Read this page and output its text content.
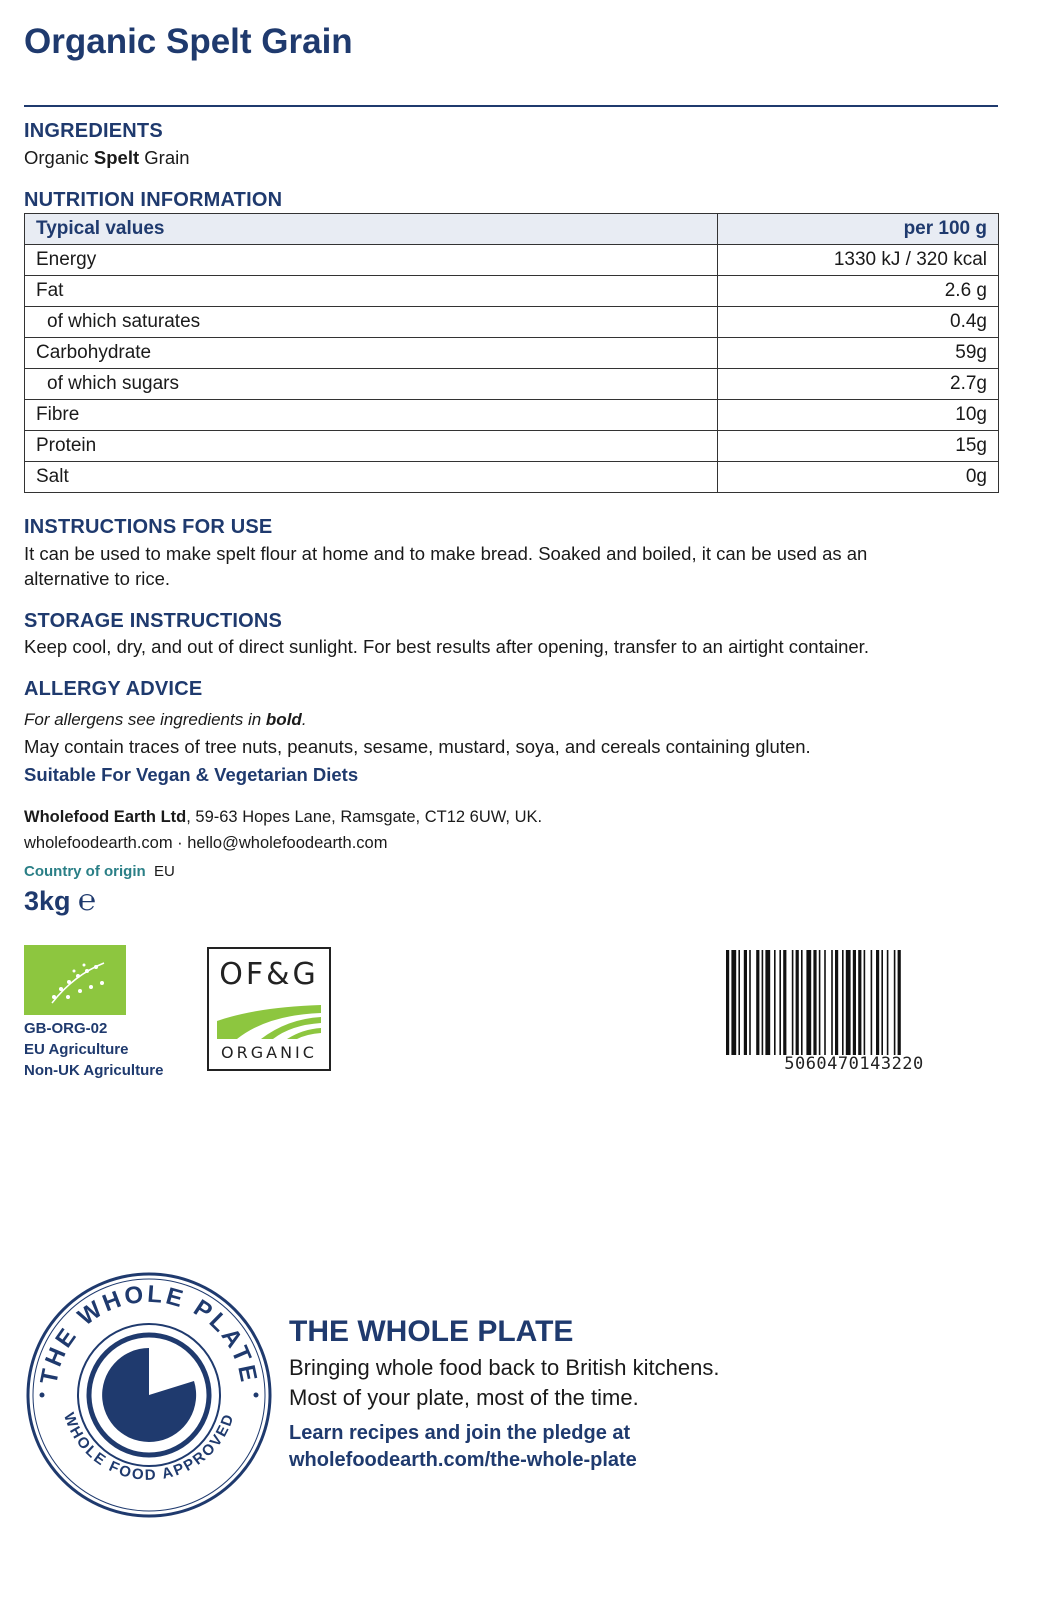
Organic Spelt Grain
INGREDIENTS

Organic Spelt Grain

NUTRITION INFORMATION
Typical values	per 100 g
Energy	1330 kJ / 320 kcal
Fat	2.6 g
of which saturates	0.4g
Carbohydrate	59g
of which sugars	2.7g
Fibre	10g
Protein	15g
Salt	0g
INSTRUCTIONS FOR USE

It can be used to make spelt flour at home and to make bread. Soaked and boiled, it can be used as an

alternative to rice.

STORAGE INSTRUCTIONS

Keep cool, dry, and out of direct sunlight. For best results after opening, transfer to an airtight container.

ALLERGY ADVICE

For allergens see ingredients in bold.

May contain traces of tree nuts, peanuts, sesame, mustard, soya, and cereals containing gluten.

Suitable For Vegan & Vegetarian Diets

Wholefood Earth Ltd, 59-63 Hopes Lane, Ramsgate, CT12 6UW, UK.

wholefoodearth.com · hello@wholefoodearth.com

Country of origin EU

3kg ℮

GB-ORG-02

EU Agriculture

Non-UK Agriculture

OF&G
ORGANIC
5060470143220
THE WHOLE PLATE
WHOLE FOOD APPROVED

THE WHOLE PLATE

Bringing whole food back to British kitchens.

Most of your plate, most of the time.

Learn recipes and join the pledge at

wholefoodearth.com/the-whole-plate
